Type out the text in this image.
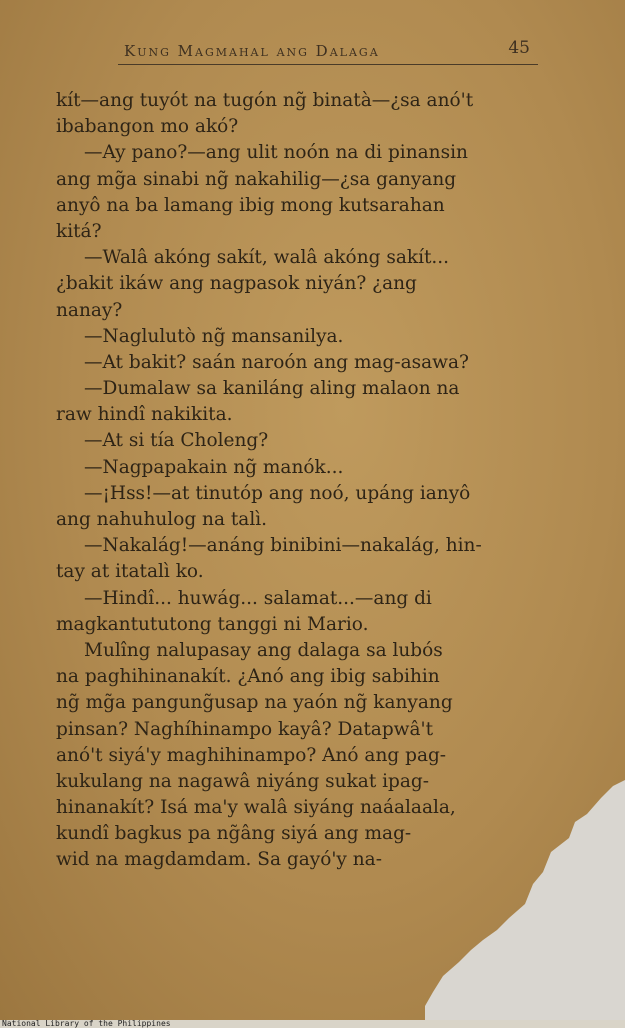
Kung Magmahal ang Dalaga	45
kít—ang tuyót na tugón ng̃ binatà—¿sa anó't
ibabangon mo akó?
—Ay pano?—ang ulit noón na di pinansin
ang mg̃a sinabi ng̃ nakahilig—¿sa ganyang
anyô na ba lamang ibig mong kutsarahan
kitá?
—Walâ akóng sakít, walâ akóng sakít...
¿bakit ikáw ang nagpasok niyán? ¿ang
nanay?
—Naglulutò ng̃ mansanilya.
—At bakit? saán naroón ang mag-asawa?
—Dumalaw sa kaniláng aling malaon na
raw hindî nakikita.
—At si tía Choleng?
—Nagpapakain ng̃ manók...
—¡Hss!—at tinutóp ang noó, upáng ianyô
ang nahuhulog na talì.
—Nakalág!—anáng binibini—nakalág, hin-
tay at itatalì ko.
—Hindî... huwág... salamat...—ang di
magkantututong tanggi ni Mario.
Mulîng nalupasay ang dalaga sa lubós
na paghihinanakít. ¿Anó ang ibig sabihin
ng̃ mg̃a pangung̃usap na yaón ng̃ kanyang
pinsan? Naghíhinampo kayâ? Datapwâ't
anó't siyá'y maghihinampo? Anó ang pag-
kukulang na nagawâ niyáng sukat ipag-
hinanakít? Isá ma'y walâ siyáng naáalaala,
kundî bagkus pa ng̃âng siyá ang mag-
wid na magdamdam. Sa gayó'y na-
National Library of the Philippines
